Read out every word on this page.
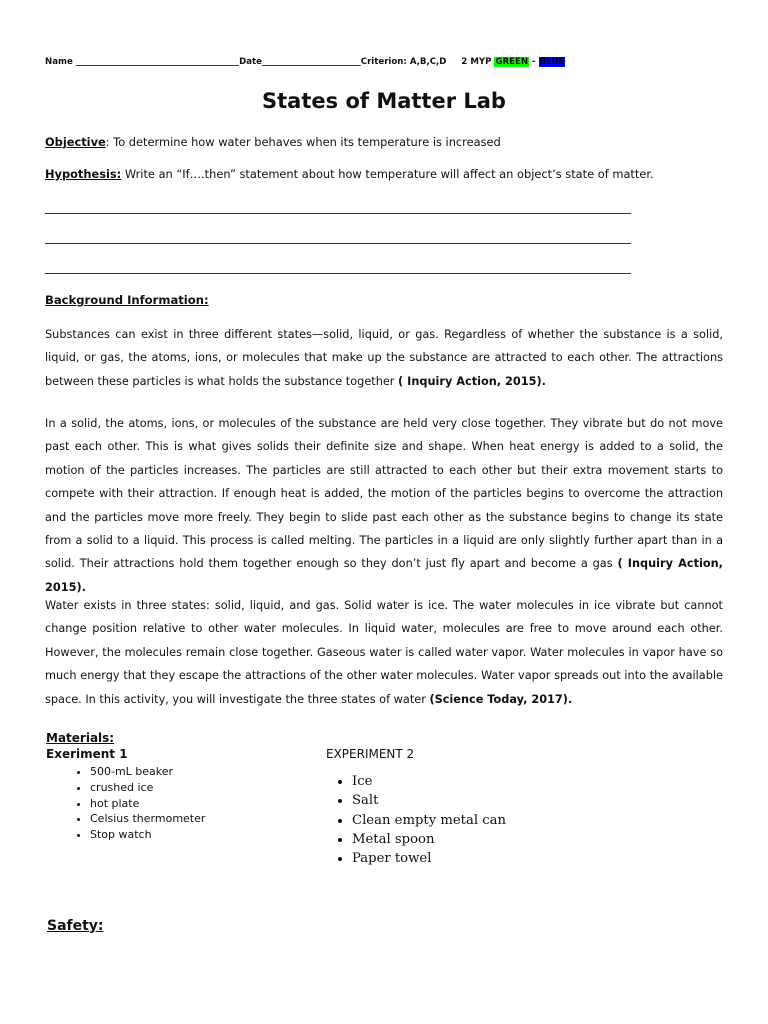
Name ______________________________________Date_______________________Criterion: A,B,C,D 2 MYP GREEN - BLUE
States of Matter Lab
Objective: To determine how water behaves when its temperature is increased
Hypothesis: Write an “If….then” statement about how temperature will affect an object’s state of matter.
Background Information:
Substances can exist in three different states—solid, liquid, or gas. Regardless of whether the substance is a solid, liquid, or gas, the atoms, ions, or molecules that make up the substance are attracted to each other. The attractions between these particles is what holds the substance together ( Inquiry Action, 2015).
In a solid, the atoms, ions, or molecules of the substance are held very close together. They vibrate but do not move past each other. This is what gives solids their definite size and shape. When heat energy is added to a solid, the motion of the particles increases. The particles are still attracted to each other but their extra movement starts to compete with their attraction. If enough heat is added, the motion of the particles begins to overcome the attraction and the particles move more freely. They begin to slide past each other as the substance begins to change its state from a solid to a liquid. This process is called melting. The particles in a liquid are only slightly further apart than in a solid. Their attractions hold them together enough so they don’t just fly apart and become a gas ( Inquiry Action, 2015).
Water exists in three states: solid, liquid, and gas. Solid water is ice. The water molecules in ice vibrate but cannot change position relative to other water molecules. In liquid water, molecules are free to move around each other. However, the molecules remain close together. Gaseous water is called water vapor. Water molecules in vapor have so much energy that they escape the attractions of the other water molecules. Water vapor spreads out into the available space. In this activity, you will investigate the three states of water (Science Today, 2017).
Materials:
Exeriment 1	EXPERIMENT 2
• 500-mL beaker
• crushed ice
• hot plate
• Celsius thermometer
• Stop watch
• Ice
• Salt
• Clean empty metal can
• Metal spoon
• Paper towel
Safety:
